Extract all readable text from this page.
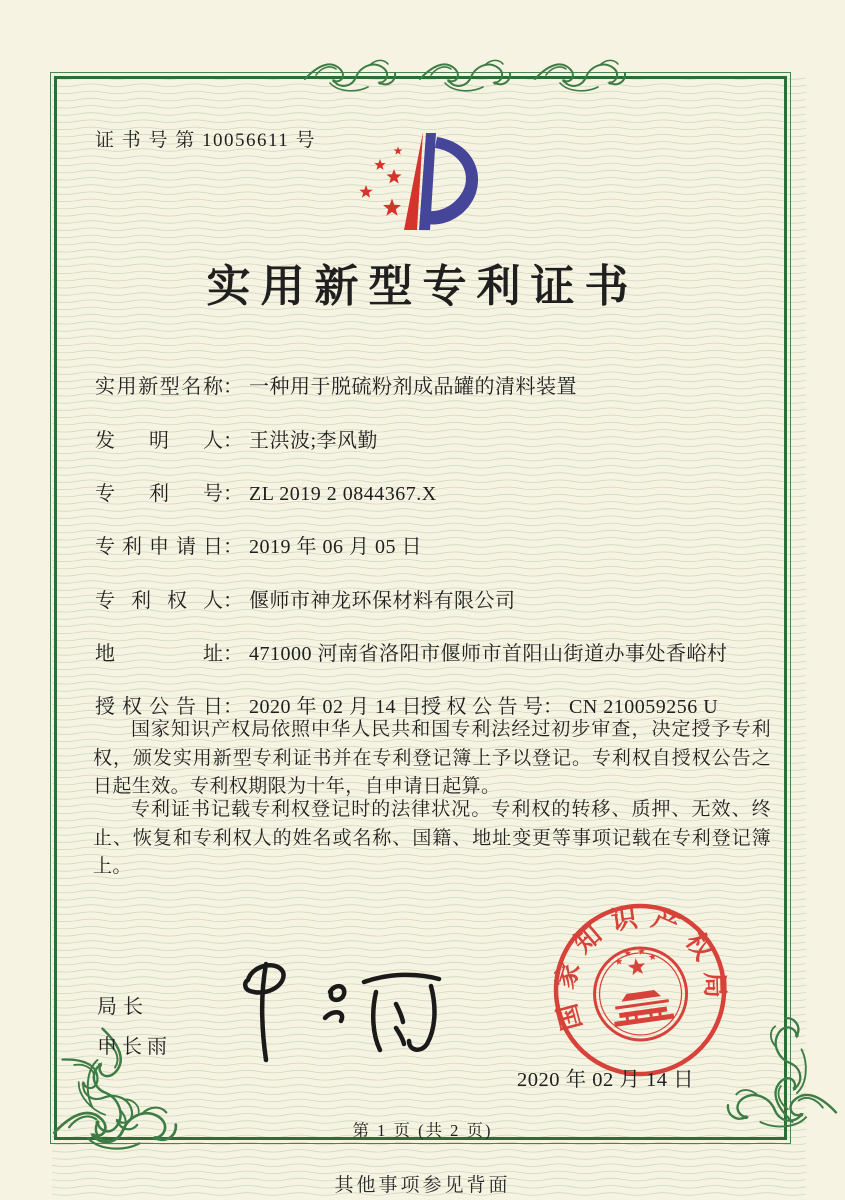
证 书 号 第 10056611 号
实用新型专利证书
实用新型名称： 一种用于脱硫粉剂成品罐的清料装置
发明人： 王洪波;李风勤
专利号： ZL 2019 2 0844367.X
专利申请日： 2019 年 06 月 05 日
专利权人： 偃师市神龙环保材料有限公司
地址： 471000 河南省洛阳市偃师市首阳山街道办事处香峪村
授权公告日： 2020 年 02 月 14 日 授权公告号： CN 210059256 U
国家知识产权局依照中华人民共和国专利法经过初步审查，决定授予专利权，颁发实用新型专利证书并在专利登记簿上予以登记。专利权自授权公告之日起生效。专利权期限为十年，自申请日起算。
专利证书记载专利权登记时的法律状况。专利权的转移、质押、无效、终止、恢复和专利权人的姓名或名称、国籍、地址变更等事项记载在专利登记簿上。
局长
申长雨
国家知识产权局
2020 年 02 月 14 日
第 1 页 (共 2 页)
其他事项参见背面
